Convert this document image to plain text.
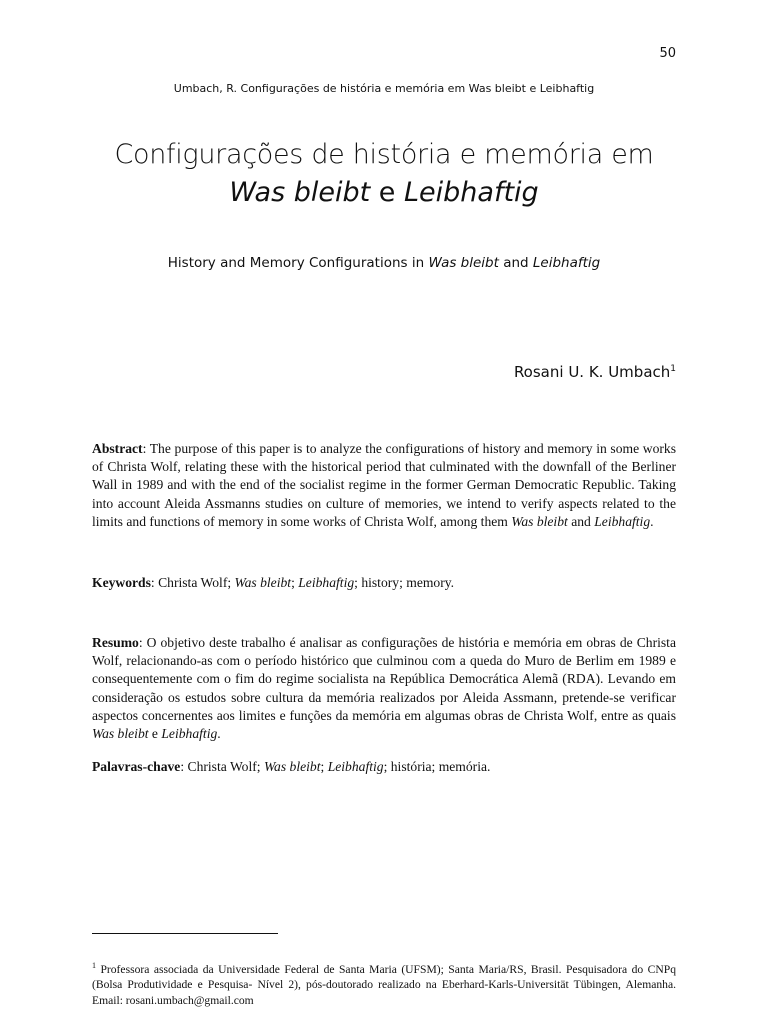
50
Umbach, R. Configurações de história e memória em Was bleibt e Leibhaftig
Configurações de história e memória em
Was bleibt e Leibhaftig
History and Memory Configurations in Was bleibt and Leibhaftig
Rosani U. K. Umbach$^1$
Abstract: The purpose of this paper is to analyze the configurations of history and memory in some works of Christa Wolf, relating these with the historical period that culminated with the downfall of the Berliner Wall in 1989 and with the end of the socialist regime in the former German Democratic Republic. Taking into account Aleida Assmanns studies on culture of memories, we intend to verify aspects related to the limits and functions of memory in some works of Christa Wolf, among them Was bleibt and Leibhaftig.
Keywords: Christa Wolf; Was bleibt; Leibhaftig; history; memory.
Resumo: O objetivo deste trabalho é analisar as configurações de história e memória em obras de Christa Wolf, relacionando-as com o período histórico que culminou com a queda do Muro de Berlim em 1989 e consequentemente com o fim do regime socialista na República Democrática Alemã (RDA). Levando em consideração os estudos sobre cultura da memória realizados por Aleida Assmann, pretende-se verificar aspectos concernentes aos limites e funções da memória em algumas obras de Christa Wolf, entre as quais Was bleibt e Leibhaftig.
Palavras-chave: Christa Wolf; Was bleibt; Leibhaftig; história; memória.
$^1$ Professora associada da Universidade Federal de Santa Maria (UFSM); Santa Maria/RS, Brasil. Pesquisadora do CNPq (Bolsa Produtividade e Pesquisa- Nível 2), pós-doutorado realizado na Eberhard-Karls-Universität Tübingen, Alemanha. Email: rosani.umbach@gmail.com
